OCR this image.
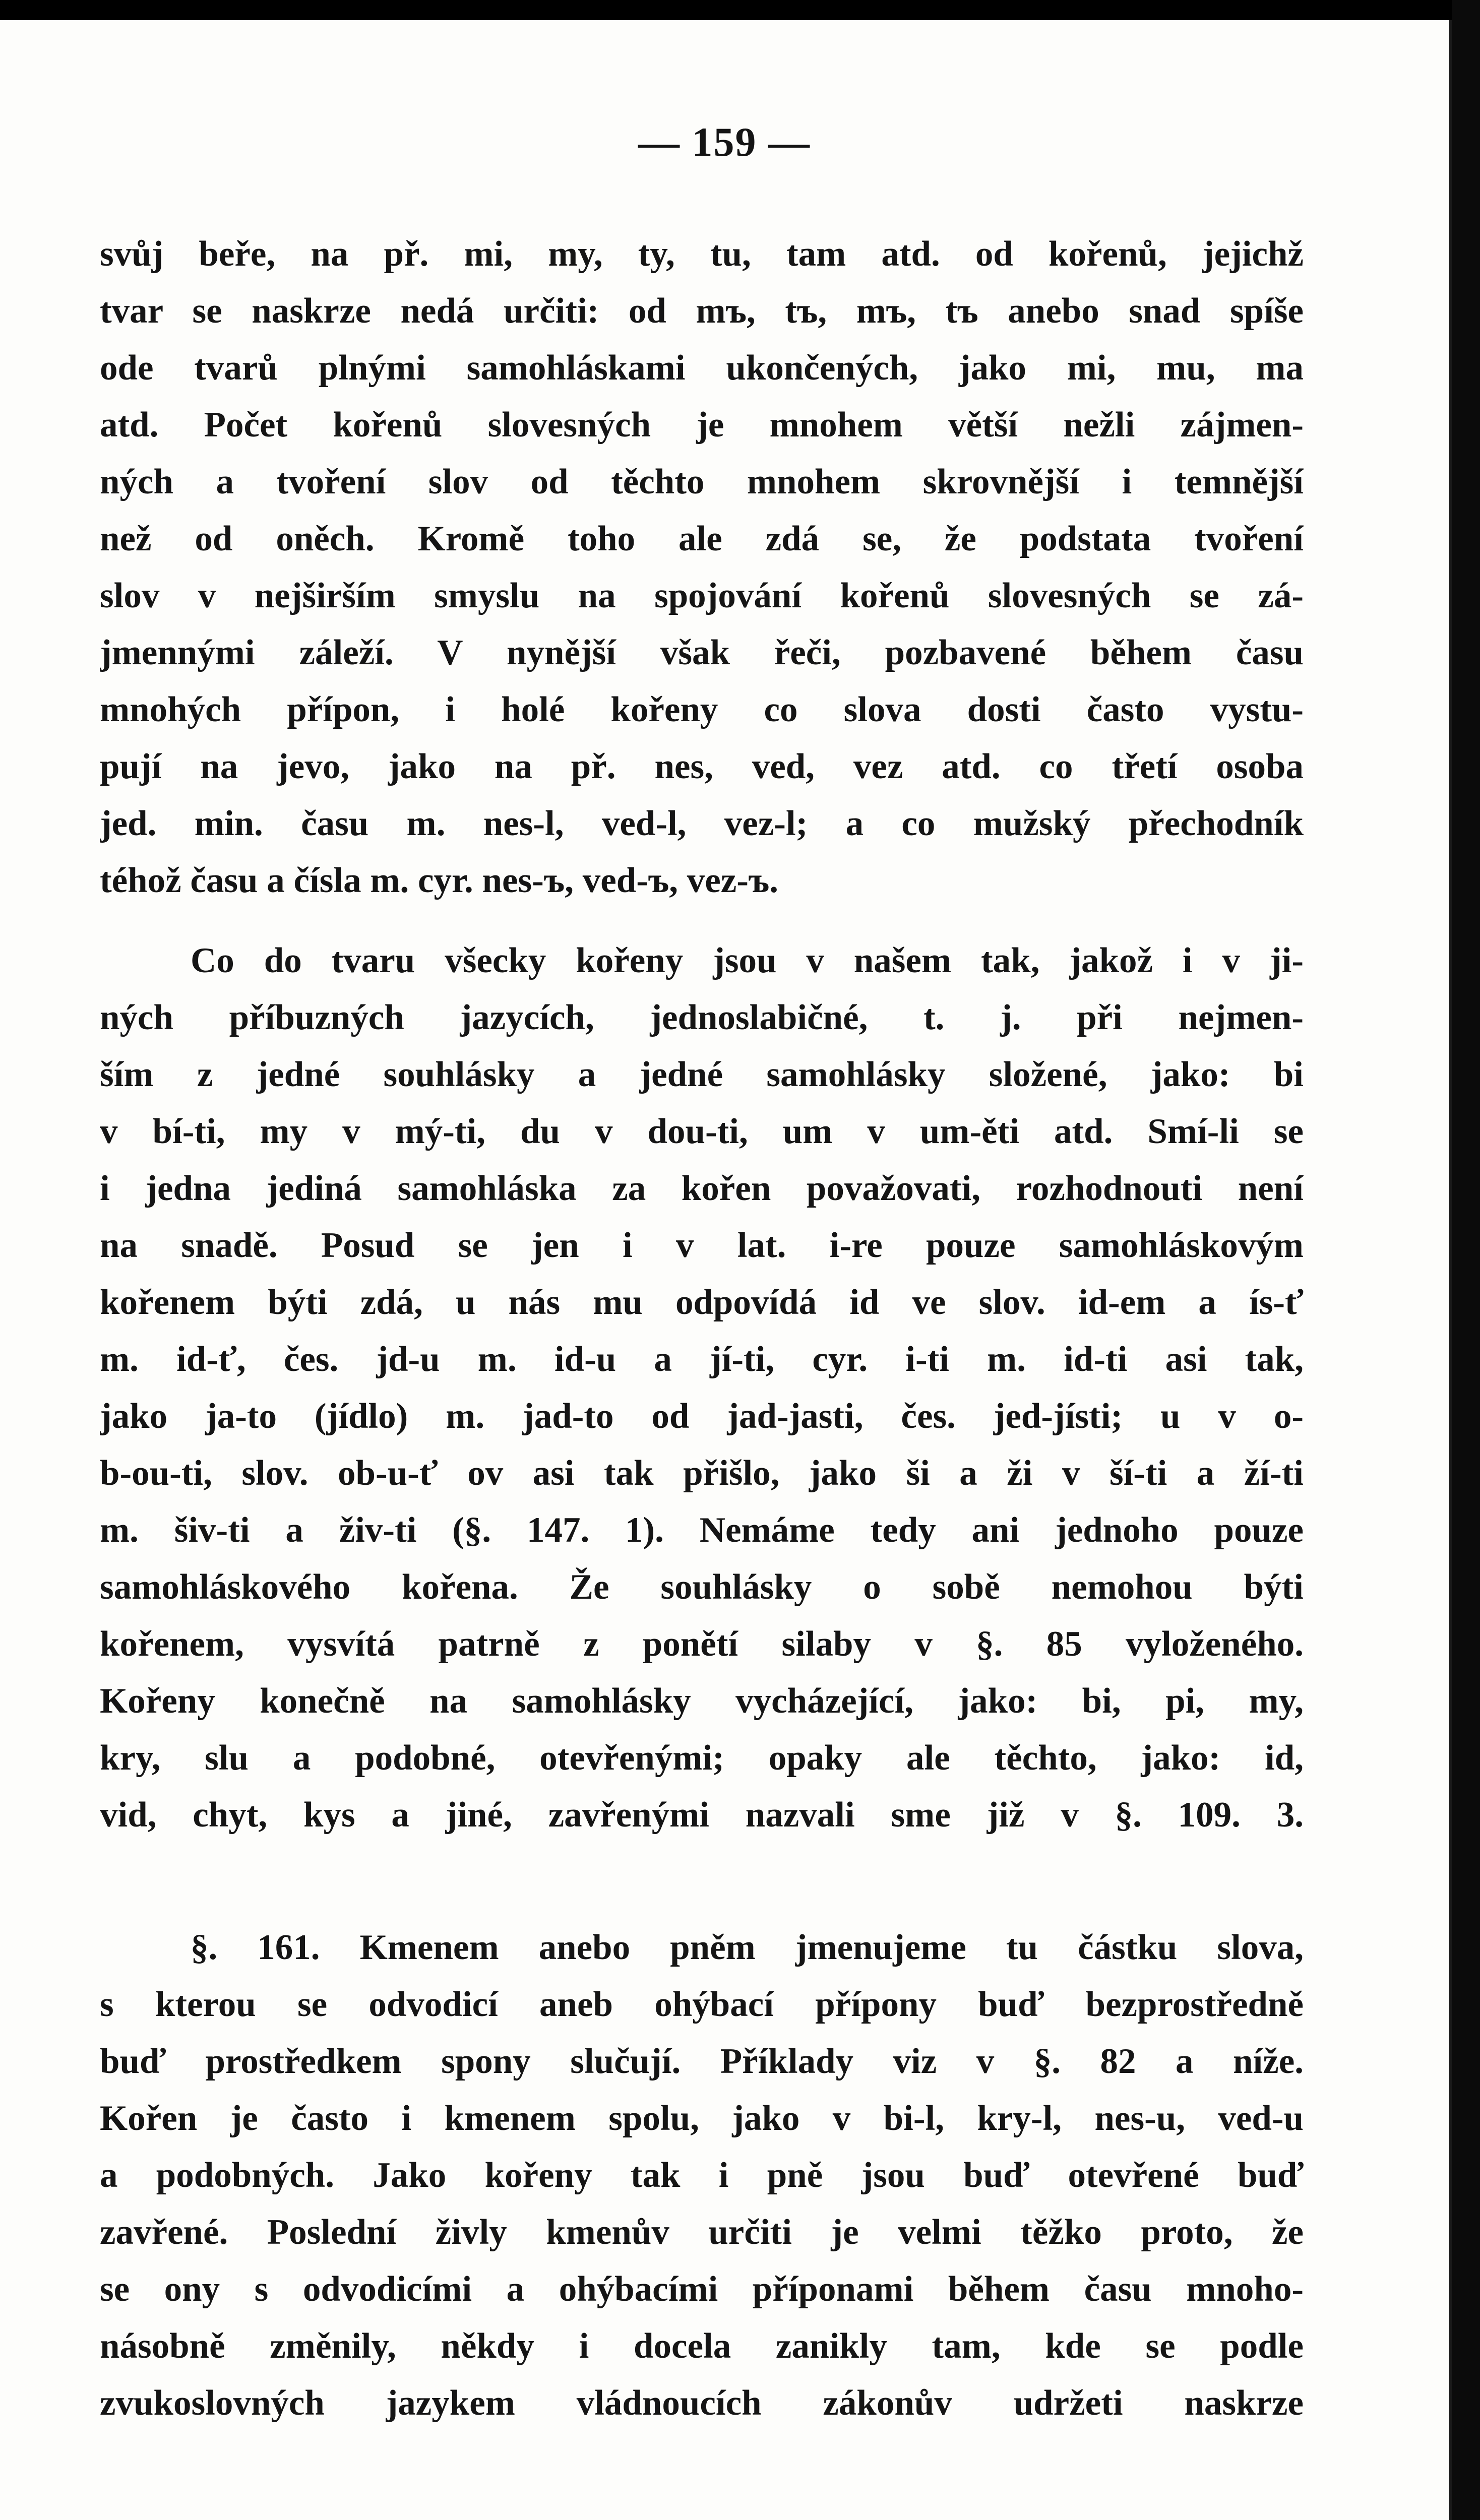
— 159 —
svůj beře, na př. mi, my, ty, tu, tam atd. od kořenů, jejichž
tvar se naskrze nedá určiti: od mъ, tъ, mъ, tъ anebo snad spíše
ode tvarů plnými samohláskami ukončených, jako mi, mu, ma
atd. Počet kořenů slovesných je mnohem větší nežli zájmen-
ných a tvoření slov od těchto mnohem skrovnější i temnější
než od oněch. Kromě toho ale zdá se, že podstata tvoření
slov v nejširším smyslu na spojování kořenů slovesných se zá-
jmennými záleží. V nynější však řeči, pozbavené během času
mnohých přípon, i holé kořeny co slova dosti často vystu-
pují na jevo, jako na př. nes, ved, vez atd. co třetí osoba
jed. min. času m. nes-l, ved-l, vez-l; a co mužský přechodník
téhož času a čísla m. cyr. nes-ъ, ved-ъ, vez-ъ.
Co do tvaru všecky kořeny jsou v našem tak, jakož i v ji-
ných příbuzných jazycích, jednoslabičné, t. j. při nejmen-
ším z jedné souhlásky a jedné samohlásky složené, jako: bi
v bí-ti, my v mý-ti, du v dou-ti, um v um-ěti atd. Smí-li se
i jedna jediná samohláska za kořen považovati, rozhodnouti není
na snadě. Posud se jen i v lat. i-re pouze samohláskovým
kořenem býti zdá, u nás mu odpovídá id ve slov. id-em a ís-ť
m. id-ť, čes. jd-u m. id-u a jí-ti, cyr. i-ti m. id-ti asi tak,
jako ja-to (jídlo) m. jad-to od jad-jasti, čes. jed-jísti; u v o-
b-ou-ti, slov. ob-u-ť ov asi tak přišlo, jako ši a ži v ší-ti a ží-ti
m. šiv-ti a živ-ti (§. 147. 1). Nemáme tedy ani jednoho pouze
samohláskového kořena. Že souhlásky o sobě nemohou býti
kořenem, vysvítá patrně z ponětí silaby v §. 85 vyloženého.
Kořeny konečně na samohlásky vycházející, jako: bi, pi, my,
kry, slu a podobné, otevřenými; opaky ale těchto, jako: id,
vid, chyt, kys a jiné, zavřenými nazvali sme již v §. 109. 3.
§. 161. Kmenem anebo pněm jmenujeme tu částku slova,
s kterou se odvodicí aneb ohýbací přípony buď bezprostředně
buď prostředkem spony slučují. Příklady viz v §. 82 a níže.
Kořen je často i kmenem spolu, jako v bi-l, kry-l, nes-u, ved-u
a podobných. Jako kořeny tak i pně jsou buď otevřené buď
zavřené. Poslední živly kmenův určiti je velmi těžko proto, že
se ony s odvodicími a ohýbacími příponami během času mnoho-
násobně změnily, někdy i docela zanikly tam, kde se podle
zvukoslovných jazykem vládnoucích zákonův udržeti naskrze
